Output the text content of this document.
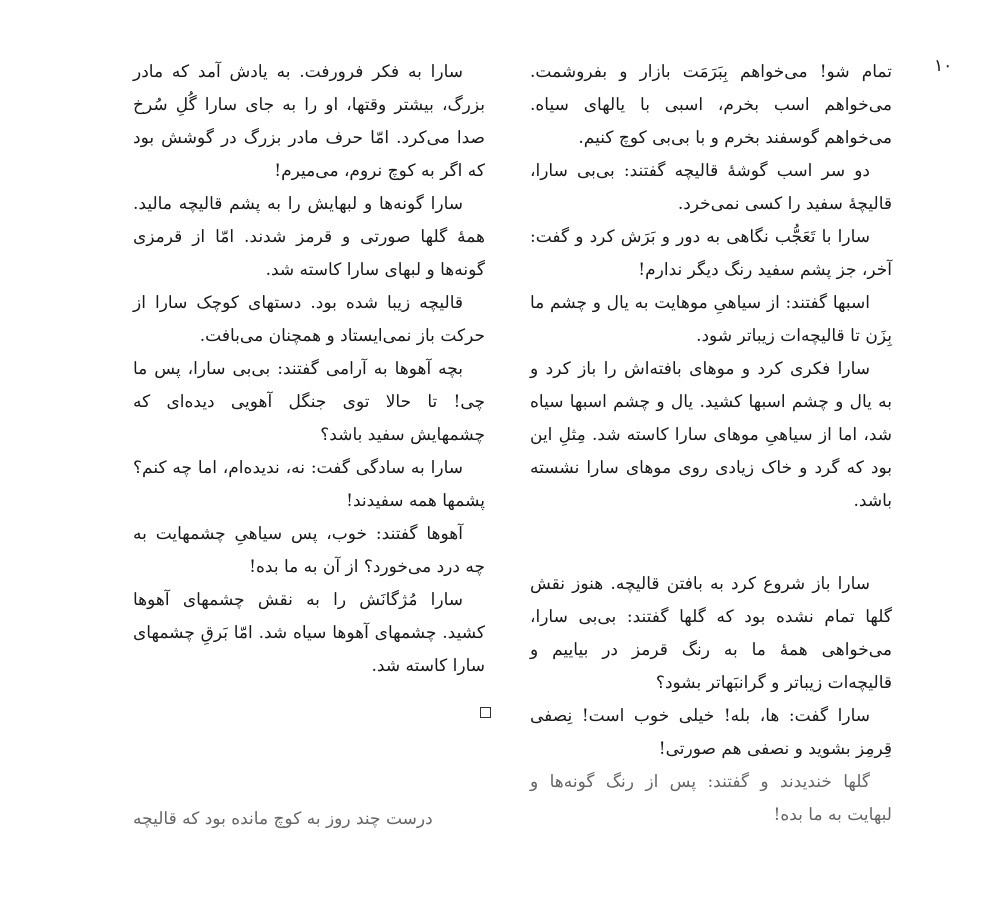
۱۰

تمام شو! می‌خواهم بِبَرَمَت بازار و بفروشمت. می‌خواهم اسب بخرم، اسبی با یالهای سیاه. می‌خواهم گوسفند بخرم و با بی‌بی کوچ کنیم.

دو سر اسب گوشهٔ قالیچه گفتند: بی‌بی سارا، قالیچهٔ سفید را کسی نمی‌خرد.

سارا با تَعَجُّب نگاهی به دور و بَرَش کرد و گفت: آخر، جز پشم سفید رنگ دیگر ندارم!

اسبها گفتند: از سیاهیِ موهایت به یال و چشم ما بِزَن تا قالیچه‌ات زیباتر شود.

سارا فکری کرد و موهای بافته‌اش را باز کرد و به یال و چشم اسبها کشید. یال و چشم اسبها سیاه شد، اما از سیاهیِ موهای سارا کاسته شد. مِثلِ این بود که گرد و خاک زیادی روی موهای سارا نشسته باشد.

سارا باز شروع کرد به بافتن قالیچه. هنوز نقش گلها تمام نشده بود که گلها گفتند: بی‌بی سارا، می‌خواهی همهٔ ما به رنگ قرمز در بیاییم و قالیچه‌ات زیباتر و گرانبَهاتر بشود؟

سارا گفت: ها، بله! خیلی خوب است! نِصفی قِرمِز بشوید و نصفی هم صورتی!

گلها خندیدند و گفتند: پس از رنگ گونه‌ها و لبهایت به ما بده!

سارا به فکر فرورفت. به یادش آمد که مادر بزرگ، بیشتر وقتها، او را به جای سارا گُلِ سُرخ صدا می‌کرد. امّا حرف مادر بزرگ در گوشش بود که اگر به کوچ نروم، می‌میرم!

سارا گونه‌ها و لبهایش را به پشم قالیچه مالید. همهٔ گلها صورتی و قرمز شدند. امّا از قرمزی گونه‌ها و لبهای سارا کاسته شد.

قالیچه زیبا شده بود. دستهای کوچک سارا از حرکت باز نمی‌ایستاد و همچنان می‌بافت.

بچه آهوها به آرامی گفتند: بی‌بی سارا، پس ما چی! تا حالا توی جنگل آهویی دیده‌ای که چشمهایش سفید باشد؟

سارا به سادگی گفت: نه، ندیده‌ام، اما چه کنم؟ پشمها همه سفیدند!

آهوها گفتند: خوب، پس سیاهیِ چشمهایت به چه درد می‌خورد؟ از آن به ما بده!

سارا مُژگانَش را به نقش چشمهای آهوها کشید. چشمهای آهوها سیاه شد. امّا بَرقِ چشمهای سارا کاسته شد.

درست چند روز به کوچ مانده بود که قالیچه
